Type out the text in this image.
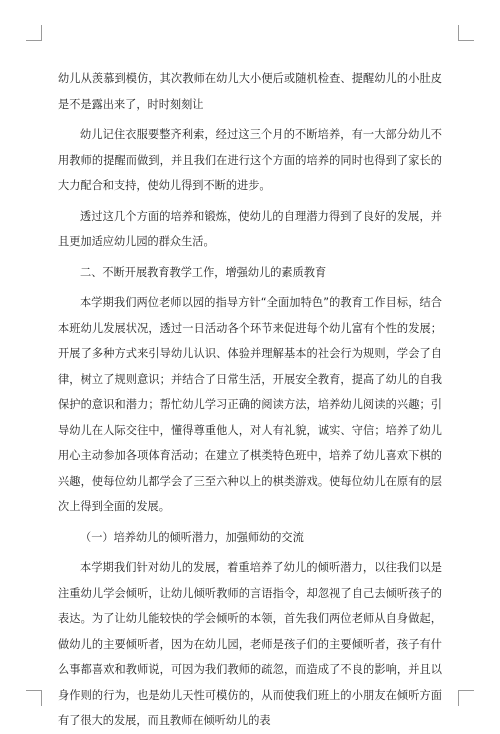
幼儿从羡慕到模仿，其次教师在幼儿大小便后或随机检查、提醒幼儿的小肚皮是不是露出来了，时时刻刻让

幼儿记住衣服要整齐利索，经过这三个月的不断培养，有一大部分幼儿不用教师的提醒而做到，并且我们在进行这个方面的培养的同时也得到了家长的大力配合和支持，使幼儿得到不断的进步。

透过这几个方面的培养和锻炼，使幼儿的自理潜力得到了良好的发展，并且更加适应幼儿园的群众生活。

二、不断开展教育教学工作，增强幼儿的素质教育

本学期我们两位老师以园的指导方针“全面加特色”的教育工作目标，结合本班幼儿发展状况，透过一日活动各个环节来促进每个幼儿富有个性的发展；开展了多种方式来引导幼儿认识、体验并理解基本的社会行为规则，学会了自律，树立了规则意识；并结合了日常生活，开展安全教育，提高了幼儿的自我保护的意识和潜力；帮忙幼儿学习正确的阅读方法，培养幼儿阅读的兴趣；引导幼儿在人际交往中，懂得尊重他人，对人有礼貌，诚实、守信；培养了幼儿用心主动参加各项体育活动；在建立了棋类特色班中，培养了幼儿喜欢下棋的兴趣，使每位幼儿都学会了三至六种以上的棋类游戏。使每位幼儿在原有的层次上得到全面的发展。

（一）培养幼儿的倾听潜力，加强师幼的交流

本学期我们针对幼儿的发展，着重培养了幼儿的倾听潜力，以往我们以是注重幼儿学会倾听，让幼儿倾听教师的言语指令，却忽视了自己去倾听孩子的表达。为了让幼儿能较快的学会倾听的本领，首先我们两位老师从自身做起，做幼儿的主要倾听者，因为在幼儿园，老师是孩子们的主要倾听者，孩子有什么事都喜欢和教师说，可因为我们教师的疏忽，而造成了不良的影响，并且以身作则的行为，也是幼儿天性可模仿的，从而使我们班上的小朋友在倾听方面有了很大的发展，而且教师在倾听幼儿的表
